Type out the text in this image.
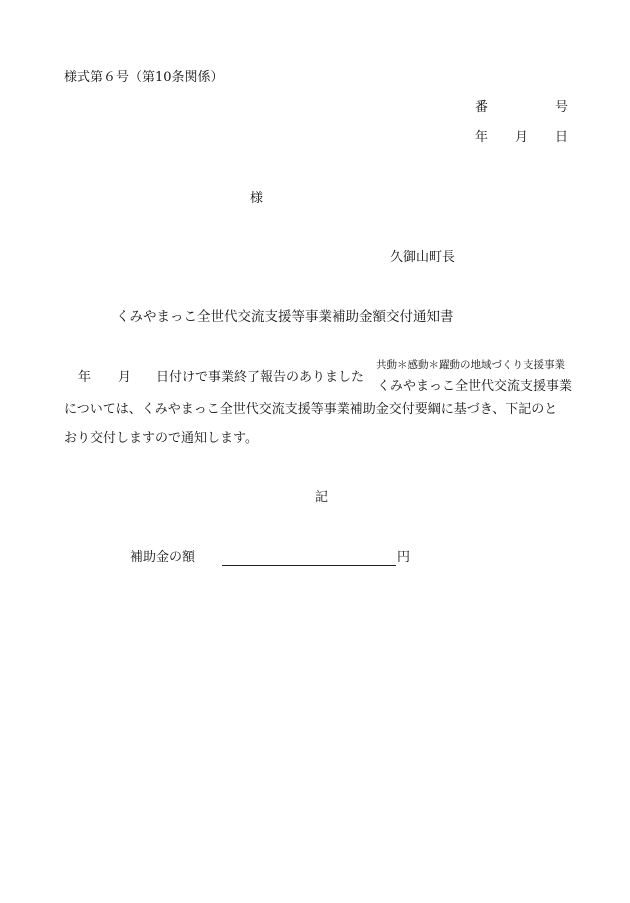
様式第６号（第10条関係）
番	号
年 月 日
様
久御山町長
くみやまっこ全世代交流支援等事業補助金額交付通知書
年 月 日付けで事業終了報告のありました
共動＊感動＊躍動の地域づくり支援事業
くみやまっこ全世代交流支援事業
については、くみやまっこ全世代交流支援等事業補助金交付要綱に基づき、下記のと
おり交付しますので通知します。
記
補助金の額	円
